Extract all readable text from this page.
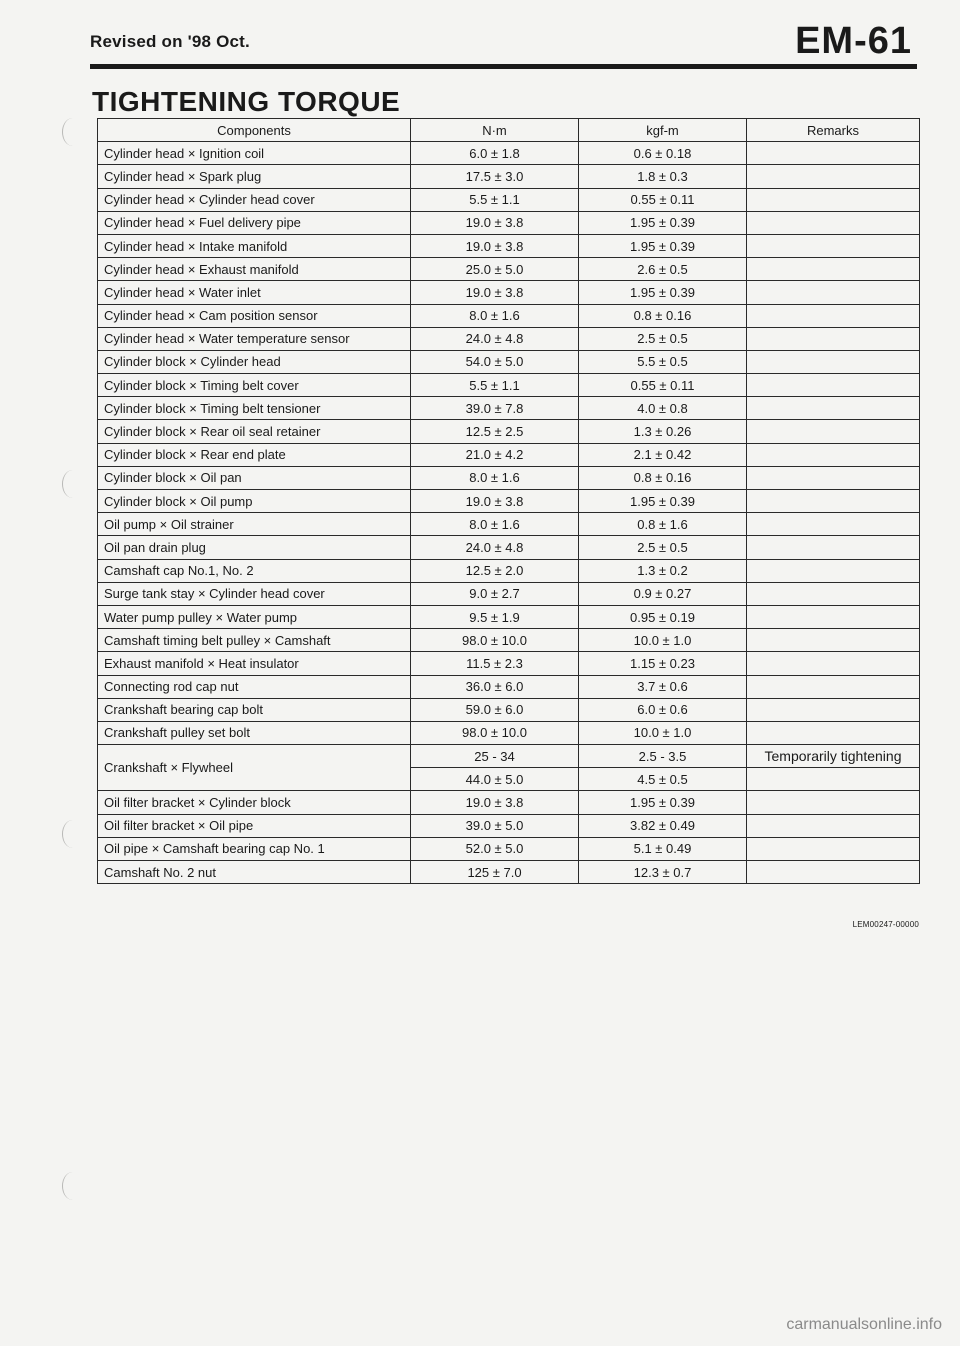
Revised on '98 Oct.	EM-61
TIGHTENING TORQUE
Components	N·m	kgf-m	Remarks
Cylinder head × Ignition coil	6.0 ± 1.8	0.6 ± 0.18	
Cylinder head × Spark plug	17.5 ± 3.0	1.8 ± 0.3	
Cylinder head × Cylinder head cover	5.5 ± 1.1	0.55 ± 0.11	
Cylinder head × Fuel delivery pipe	19.0 ± 3.8	1.95 ± 0.39	
Cylinder head × Intake manifold	19.0 ± 3.8	1.95 ± 0.39	
Cylinder head × Exhaust manifold	25.0 ± 5.0	2.6 ± 0.5	
Cylinder head × Water inlet	19.0 ± 3.8	1.95 ± 0.39	
Cylinder head × Cam position sensor	8.0 ± 1.6	0.8 ± 0.16	
Cylinder head × Water temperature sensor	24.0 ± 4.8	2.5 ± 0.5	
Cylinder block × Cylinder head	54.0 ± 5.0	5.5 ± 0.5	
Cylinder block × Timing belt cover	5.5 ± 1.1	0.55 ± 0.11	
Cylinder block × Timing belt tensioner	39.0 ± 7.8	4.0 ± 0.8	
Cylinder block × Rear oil seal retainer	12.5 ± 2.5	1.3 ± 0.26	
Cylinder block × Rear end plate	21.0 ± 4.2	2.1 ± 0.42	
Cylinder block × Oil pan	8.0 ± 1.6	0.8 ± 0.16	
Cylinder block × Oil pump	19.0 ± 3.8	1.95 ± 0.39	
Oil pump × Oil strainer	8.0 ± 1.6	0.8 ± 1.6	
Oil pan drain plug	24.0 ± 4.8	2.5 ± 0.5	
Camshaft cap No.1, No. 2	12.5 ± 2.0	1.3 ± 0.2	
Surge tank stay × Cylinder head cover	9.0 ± 2.7	0.9 ± 0.27	
Water pump pulley × Water pump	9.5 ± 1.9	0.95 ± 0.19	
Camshaft timing belt pulley × Camshaft	98.0 ± 10.0	10.0 ± 1.0	
Exhaust manifold × Heat insulator	11.5 ± 2.3	1.15 ± 0.23	
Connecting rod cap nut	36.0 ± 6.0	3.7 ± 0.6	
Crankshaft bearing cap bolt	59.0 ± 6.0	6.0 ± 0.6	
Crankshaft pulley set bolt	98.0 ± 10.0	10.0 ± 1.0	
Crankshaft × Flywheel	25 - 34	2.5 - 3.5	Temporarily tightening
	44.0 ± 5.0	4.5 ± 0.5	
Oil filter bracket × Cylinder block	19.0 ± 3.8	1.95 ± 0.39	
Oil filter bracket × Oil pipe	39.0 ± 5.0	3.82 ± 0.49	
Oil pipe × Camshaft bearing cap No. 1	52.0 ± 5.0	5.1 ± 0.49	
Camshaft No. 2 nut	125 ± 7.0	12.3 ± 0.7	
LEM00247-00000
carmanualsonline.info
